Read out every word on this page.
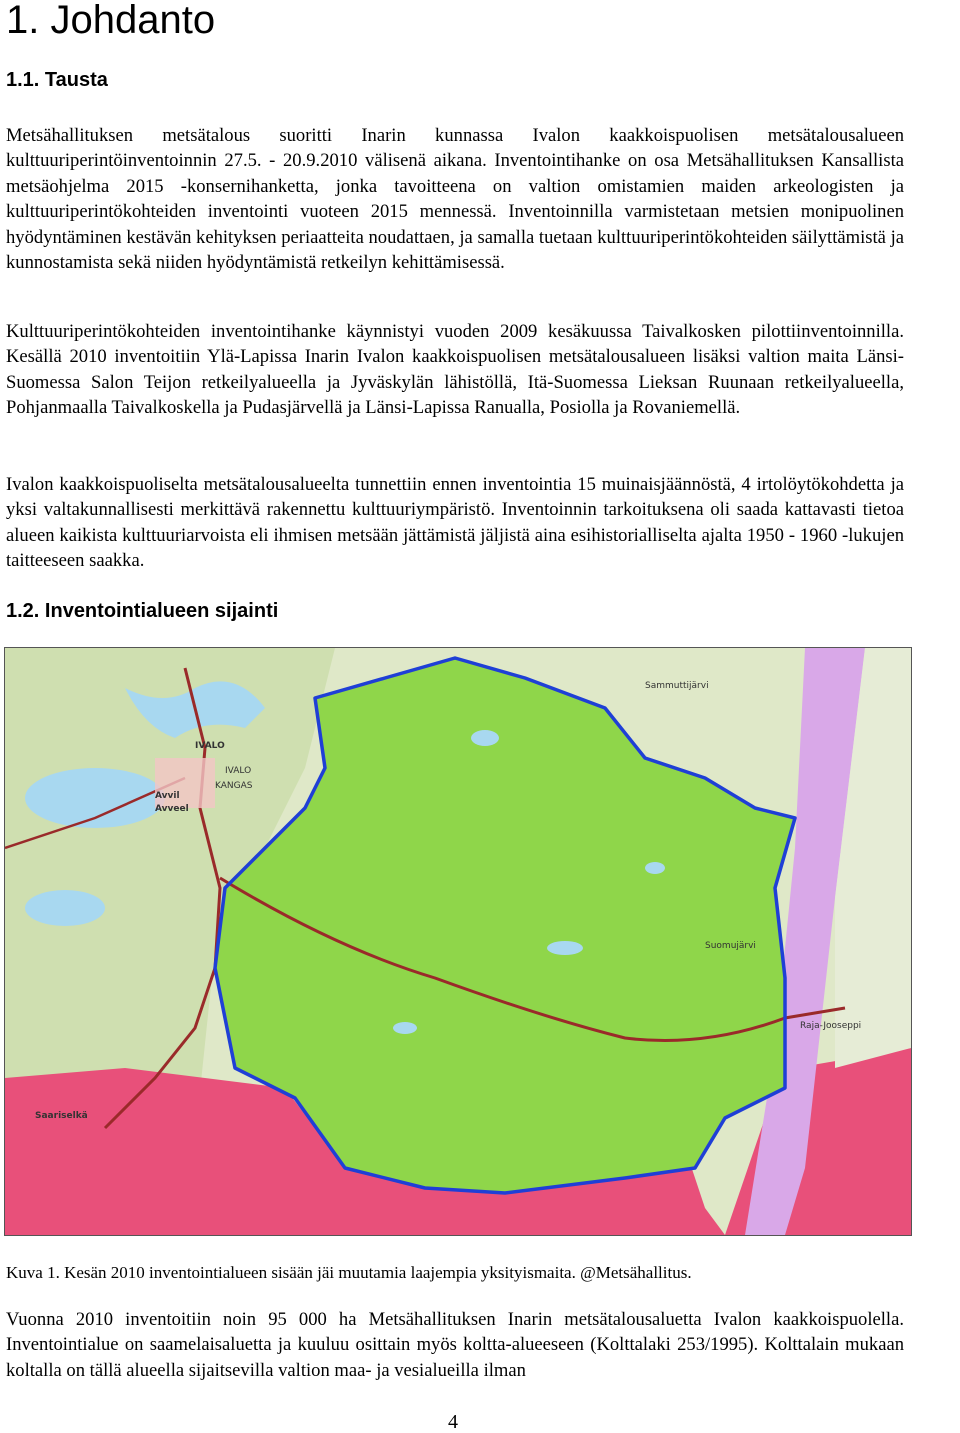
1. Johdanto
1.1. Tausta

Metsähallituksen metsätalous suoritti Inarin kunnassa Ivalon kaakkoispuolisen metsätalousalueen kulttuuriperintöinventoinnin 27.5. - 20.9.2010 välisenä aikana. Inventointihanke on osa Metsähallituksen Kansallista metsäohjelma 2015 -konsernihanketta, jonka tavoitteena on valtion omistamien maiden arkeologisten ja kulttuuriperintökohteiden inventointi vuoteen 2015 mennessä. Inventoinnilla varmistetaan metsien monipuolinen hyödyntäminen kestävän kehityksen periaatteita noudattaen, ja samalla tuetaan kulttuuriperintökohteiden säilyttämistä ja kunnostamista sekä niiden hyödyntämistä retkeilyn kehittämisessä.

Kulttuuriperintökohteiden inventointihanke käynnistyi vuoden 2009 kesäkuussa Taivalkosken pilottiinventoinnilla. Kesällä 2010 inventoitiin Ylä-Lapissa Inarin Ivalon kaakkoispuolisen metsätalousalueen lisäksi valtion maita Länsi-Suomessa Salon Teijon retkeilyalueella ja Jyväskylän lähistöllä, Itä-Suomessa Lieksan Ruunaan retkeilyalueella, Pohjanmaalla Taivalkoskella ja Pudasjärvellä ja Länsi-Lapissa Ranualla, Posiolla ja Rovaniemellä.

Ivalon kaakkoispuoliselta metsätalousalueelta tunnettiin ennen inventointia 15 muinaisjäännöstä, 4 irtolöytökohdetta ja yksi valtakunnallisesti merkittävä rakennettu kulttuuriympäristö. Inventoinnin tarkoituksena oli saada kattavasti tietoa alueen kaikista kulttuuriarvoista eli ihmisen metsään jättämistä jäljistä aina esihistorialliselta ajalta 1950 - 1960 -lukujen taitteeseen saakka.

1.2. Inventointialueen sijainti
IVALO
Avvil
Avveel
KANGAS
IVALO
Saariselkä
Sammuttijärvi
Raja-Jooseppi
Suomujärvi

Kuva 1. Kesän 2010 inventointialueen sisään jäi muutamia laajempia yksityismaita. @Metsähallitus.

Vuonna 2010 inventoitiin noin 95 000 ha Metsähallituksen Inarin metsätalousaluetta Ivalon kaakkoispuolella. Inventointialue on saamelaisaluetta ja kuuluu osittain myös koltta-alueeseen (Kolttalaki 253/1995). Kolttalain mukaan koltalla on tällä alueella sijaitsevilla valtion maa- ja vesialueilla ilman

4
